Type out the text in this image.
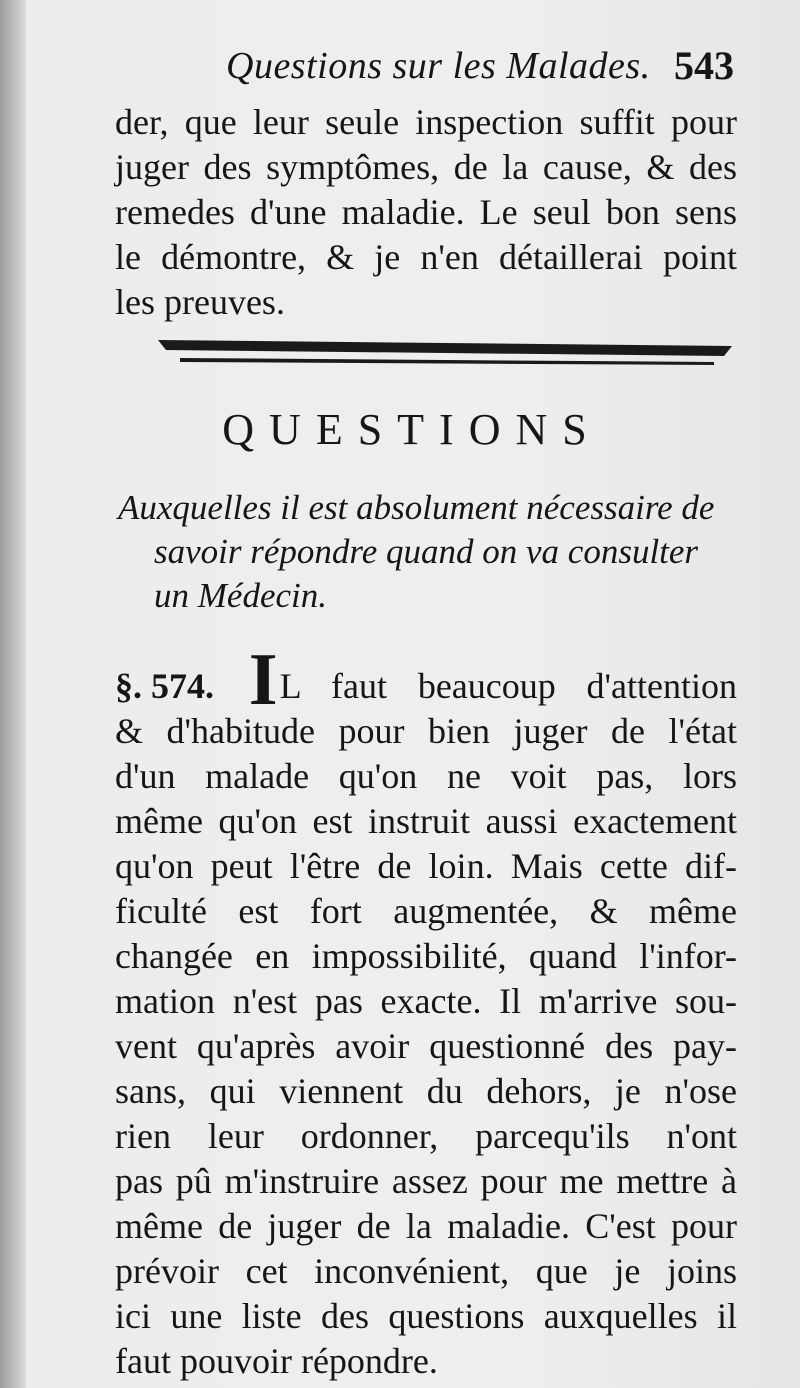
Questions sur les Malades. 543
der, que leur seule inspection suffit pour
juger des symptômes, de la cause, & des
remedes d'une maladie. Le seul bon sens
le démontre, & je n'en détaillerai point
les preuves.
QUESTIONS
Auxquelles il est absolument nécessaire de
savoir répondre quand on va consulter
un Médecin.
§. 574. IL faut beaucoup d'attention
& d'habitude pour bien juger de l'état
d'un malade qu'on ne voit pas, lors
même qu'on est instruit aussi exactement
qu'on peut l'être de loin. Mais cette dif-
ficulté est fort augmentée, & même
changée en impossibilité, quand l'infor-
mation n'est pas exacte. Il m'arrive sou-
vent qu'après avoir questionné des pay-
sans, qui viennent du dehors, je n'ose
rien leur ordonner, parcequ'ils n'ont
pas pû m'instruire assez pour me mettre à
même de juger de la maladie. C'est pour
prévoir cet inconvénient, que je joins
ici une liste des questions auxquelles il
faut pouvoir répondre.
